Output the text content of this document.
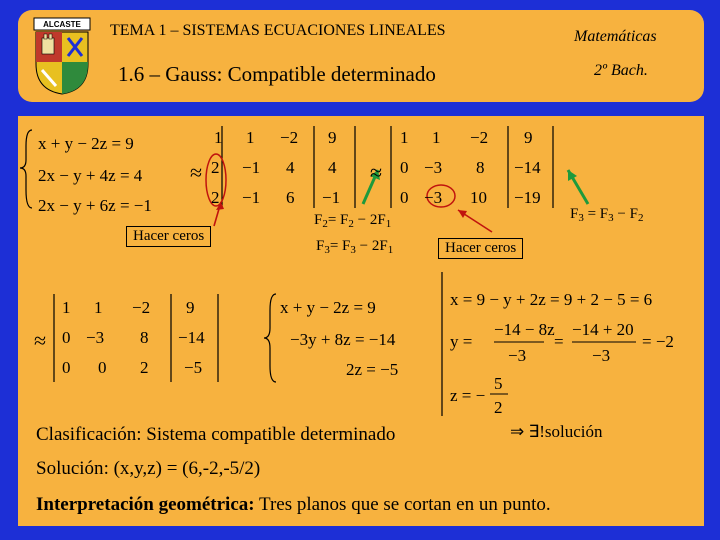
ALCASTE TEMA 1 – SISTEMAS ECUACIONES LINEALES
1.6 – Gauss: Compatible determinado
Matemáticas
2º Bach.
x + y − 2z = 9
2x − y + 4z = 4
2x − y + 6z = −1
≈
1 1 −2 9
2 −1 4 4
2 −1 6 −1
$F_2= F_2 - 2F_1$
$F_3= F_3 - 2F_1$
$F_3 = F_3 - F_2$
≈
1 1 −2 9
0 −3 8 −14
0 −3 10 −19
Hacer ceros
Hacer ceros
≈
1 1 −2 9
0 −3 8 −14
0 0 2 −5
x + y − 2z = 9
−3y + 8z = −14
2z = −5
x = 9 − y + 2z = 9 + 2 − 5 = 6
y =
−14 − 8z
−3
=
−14 + 20
−3
= −2
z = −
5
2
Clasificación: Sistema compatible determinado	⇒ ∃!solución
Solución: (x,y,z) = (6,-2,-5/2)
Interpretación geométrica: Tres planos que se cortan en un punto.
